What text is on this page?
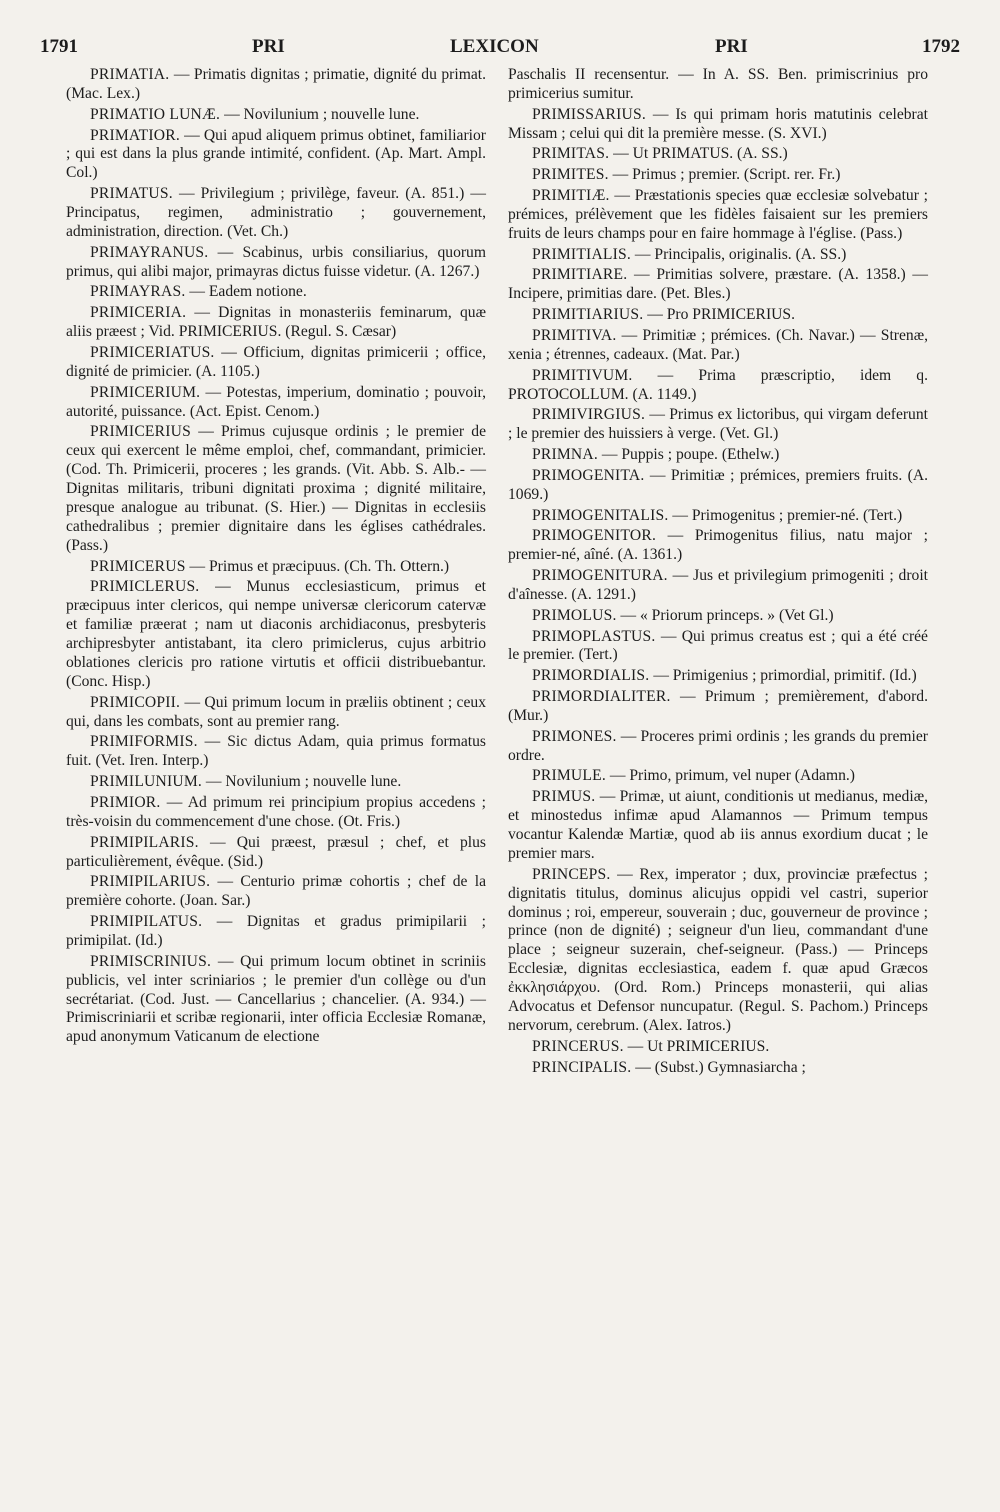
1791	PRI	LEXICON	PRI	1792

PRIMATIA. — Primatis dignitas ; primatie, dignité du primat. (Mac. Lex.)

PRIMATIO LUNÆ. — Novilunium ; nouvelle lune.

PRIMATIOR. — Qui apud aliquem primus obtinet, familiarior ; qui est dans la plus grande intimité, confident. (Ap. Mart. Ampl. Col.)

PRIMATUS. — Privilegium ; privilège, faveur. (A. 851.) — Principatus, regimen, administratio ; gouvernement, administration, direction. (Vet. Ch.)

PRIMAYRANUS. — Scabinus, urbis consiliarius, quorum primus, qui alibi major, primayras dictus fuisse videtur. (A. 1267.)

PRIMAYRAS. — Eadem notione.

PRIMICERIA. — Dignitas in monasteriis feminarum, quæ aliis præest ; Vid. PRIMICERIUS. (Regul. S. Cæsar)

PRIMICERIATUS. — Officium, dignitas primicerii ; office, dignité de primicier. (A. 1105.)

PRIMICERIUM. — Potestas, imperium, dominatio ; pouvoir, autorité, puissance. (Act. Epist. Cenom.)

PRIMICERIUS — Primus cujusque ordinis ; le premier de ceux qui exercent le même emploi, chef, commandant, primicier. (Cod. Th. Primicerii, proceres ; les grands. (Vit. Abb. S. Alb.- — Dignitas militaris, tribuni dignitati proxima ; dignité militaire, presque analogue au tribunat. (S. Hier.) — Dignitas in ecclesiis cathedralibus ; premier dignitaire dans les églises cathédrales. (Pass.)

PRIMICERUS — Primus et præcipuus. (Ch. Th. Ottern.)

PRIMICLERUS. — Munus ecclesiasticum, primus et præcipuus inter clericos, qui nempe universæ clericorum catervæ et familiæ præerat ; nam ut diaconis archidiaconus, presbyteris archipresbyter antistabant, ita clero primiclerus, cujus arbitrio oblationes clericis pro ratione virtutis et officii distribuebantur. (Conc. Hisp.)

PRIMICOPII. — Qui primum locum in præliis obtinent ; ceux qui, dans les combats, sont au premier rang.

PRIMIFORMIS. — Sic dictus Adam, quia primus formatus fuit. (Vet. Iren. Interp.)

PRIMILUNIUM. — Novilunium ; nouvelle lune.

PRIMIOR. — Ad primum rei principium propius accedens ; très-voisin du commencement d'une chose. (Ot. Fris.)

PRIMIPILARIS. — Qui præest, præsul ; chef, et plus particulièrement, évêque. (Sid.)

PRIMIPILARIUS. — Centurio primæ cohortis ; chef de la première cohorte. (Joan. Sar.)

PRIMIPILATUS. — Dignitas et gradus primipilarii ; primipilat. (Id.)

PRIMISCRINIUS. — Qui primum locum obtinet in scriniis publicis, vel inter scriniarios ; le premier d'un collège ou d'un secrétariat. (Cod. Just. — Cancellarius ; chancelier. (A. 934.) — Primiscriniarii et scribæ regionarii, inter officia Ecclesiæ Romanæ, apud anonymum Vaticanum de electione

Paschalis II recensentur. — In A. SS. Ben. primiscrinius pro primicerius sumitur.

PRIMISSARIUS. — Is qui primam horis matutinis celebrat Missam ; celui qui dit la première messe. (S. XVI.)

PRIMITAS. — Ut PRIMATUS. (A. SS.)

PRIMITES. — Primus ; premier. (Script. rer. Fr.)

PRIMITIÆ. — Præstationis species quæ ecclesiæ solvebatur ; prémices, prélèvement que les fidèles faisaient sur les premiers fruits de leurs champs pour en faire hommage à l'église. (Pass.)

PRIMITIALIS. — Principalis, originalis. (A. SS.)

PRIMITIARE. — Primitias solvere, præstare. (A. 1358.) — Incipere, primitias dare. (Pet. Bles.)

PRIMITIARIUS. — Pro PRIMICERIUS.

PRIMITIVA. — Primitiæ ; prémices. (Ch. Navar.) — Strenæ, xenia ; étrennes, cadeaux. (Mat. Par.)

PRIMITIVUM. — Prima præscriptio, idem q. PROTOCOLLUM. (A. 1149.)

PRIMIVIRGIUS. — Primus ex lictoribus, qui virgam deferunt ; le premier des huissiers à verge. (Vet. Gl.)

PRIMNA. — Puppis ; poupe. (Ethelw.)

PRIMOGENITA. — Primitiæ ; prémices, premiers fruits. (A. 1069.)

PRIMOGENITALIS. — Primogenitus ; premier-né. (Tert.)

PRIMOGENITOR. — Primogenitus filius, natu major ; premier-né, aîné. (A. 1361.)

PRIMOGENITURA. — Jus et privilegium primogeniti ; droit d'aînesse. (A. 1291.)

PRIMOLUS. — « Priorum princeps. » (Vet Gl.)

PRIMOPLASTUS. — Qui primus creatus est ; qui a été créé le premier. (Tert.)

PRIMORDIALIS. — Primigenius ; primordial, primitif. (Id.)

PRIMORDIALITER. — Primum ; premièrement, d'abord. (Mur.)

PRIMONES. — Proceres primi ordinis ; les grands du premier ordre.

PRIMULE. — Primo, primum, vel nuper (Adamn.)

PRIMUS. — Primæ, ut aiunt, conditionis ut medianus, mediæ, et minostedus infimæ apud Alamannos — Primum tempus vocantur Kalendæ Martiæ, quod ab iis annus exordium ducat ; le premier mars.

PRINCEPS. — Rex, imperator ; dux, provinciæ præfectus ; dignitatis titulus, dominus alicujus oppidi vel castri, superior dominus ; roi, empereur, souverain ; duc, gouverneur de province ; prince (non de dignité) ; seigneur d'un lieu, commandant d'une place ; seigneur suzerain, chef-seigneur. (Pass.) — Princeps Ecclesiæ, dignitas ecclesiastica, eadem f. quæ apud Græcos ἐκκλησιάρχου. (Ord. Rom.) Princeps monasterii, qui alias Advocatus et Defensor nuncupatur. (Regul. S. Pachom.) Princeps nervorum, cerebrum. (Alex. Iatros.)

PRINCERUS. — Ut PRIMICERIUS.

PRINCIPALIS. — (Subst.) Gymnasiarcha ;
